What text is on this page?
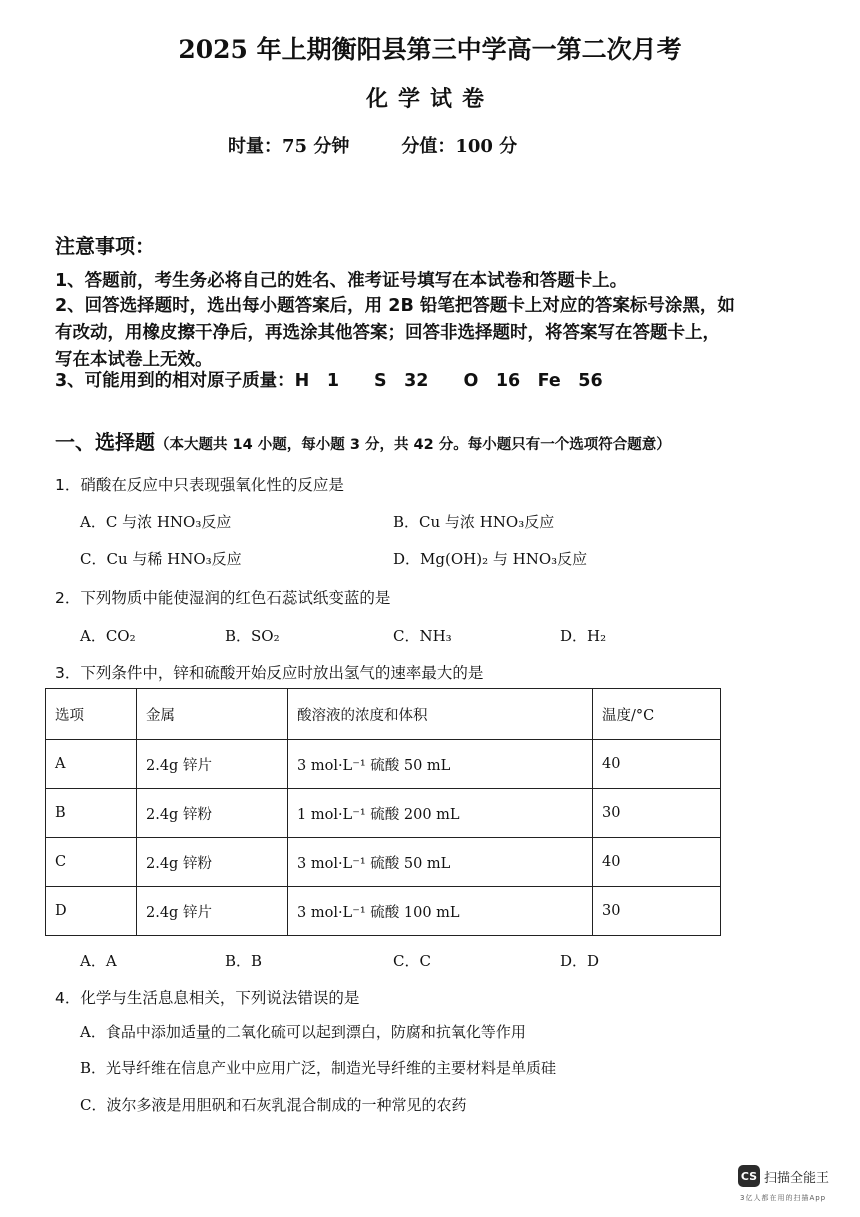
2025 年上期衡阳县第三中学高一第二次月考
化学试卷
时量：75 分钟	分值：100 分
注意事项：
1、答题前，考生务必将自己的姓名、准考证号填写在本试卷和答题卡上。
2、回答选择题时，选出每小题答案后，用 2B 铅笔把答题卡上对应的答案标号涂黑，如有改动，用橡皮擦干净后，再选涂其他答案；回答非选择题时，将答案写在答题卡上，写在本试卷上无效。
3、可能用到的相对原子质量：H　1　　S　32　　O　16　Fe　56
一、选择题（本大题共 14 小题，每小题 3 分，共 42 分。每小题只有一个选项符合题意）
1．硝酸在反应中只表现强氧化性的反应是
A．C 与浓 HNO₃反应	B．Cu 与浓 HNO₃反应
C．Cu 与稀 HNO₃反应	D．Mg(OH)₂ 与 HNO₃反应
2．下列物质中能使湿润的红色石蕊试纸变蓝的是
A．CO₂	B．SO₂	C．NH₃	D．H₂
3．下列条件中，锌和硫酸开始反应时放出氢气的速率最大的是
选项	金属	酸溶液的浓度和体积	温度/°C
A	2.4g 锌片	3 mol·L⁻¹ 硫酸 50 mL	40
B	2.4g 锌粉	1 mol·L⁻¹ 硫酸 200 mL	30
C	2.4g 锌粉	3 mol·L⁻¹ 硫酸 50 mL	40
D	2.4g 锌片	3 mol·L⁻¹ 硫酸 100 mL	30
A．A	B．B	C．C	D．D
4．化学与生活息息相关，下列说法错误的是
A．食品中添加适量的二氧化硫可以起到漂白，防腐和抗氧化等作用
B．光导纤维在信息产业中应用广泛，制造光导纤维的主要材料是单质硅
C．波尔多液是用胆矾和石灰乳混合制成的一种常见的农药
CS 扫描全能王
3亿人都在用的扫描App
